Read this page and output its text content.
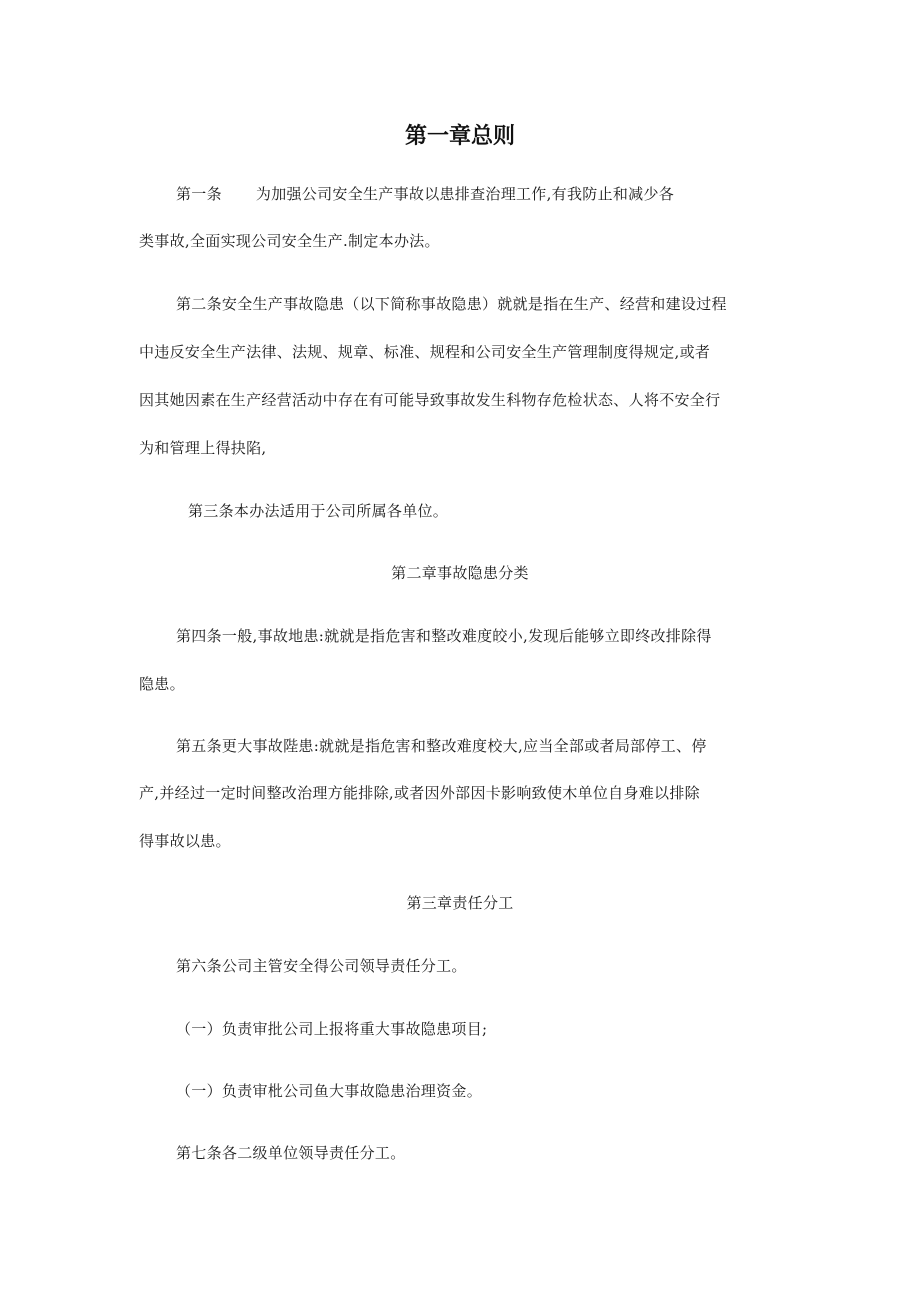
第一章总则
第一条 为加强公司安全生产事故以患排查治理工作,有我防止和减少各
类事故,全面实现公司安全生产.制定本办法。
第二条安全生产事故隐患（以下简称事故隐患）就就是指在生产、经营和建设过程
中违反安全生产法律、法规、规章、标准、规程和公司安全生产管理制度得规定,或者
因其她因素在生产经营活动中存在有可能导致事故发生科物存危检状态、人将不安全行
为和管理上得抉陷,
第三条本办法适用于公司所属各单位。
第二章事故隐患分类
第四条一般,事故地患:就就是指危害和整改难度皎小,发现后能够立即终改排除得
隐患。
第五条更大事故陛患:就就是指危害和整改难度校大,应当全部或者局部停工、停
产,并经过一定时间整改治理方能排除,或者因外部因卡影响致使木单位自身难以排除
得事故以患。
第三章责任分工
第六条公司主管安全得公司领导责任分工。
（一）负责审批公司上报将重大事故隐患项目;
（一）负责审枇公司鱼大事故隐患治理资金。
第七条各二级单位领导责任分工。
